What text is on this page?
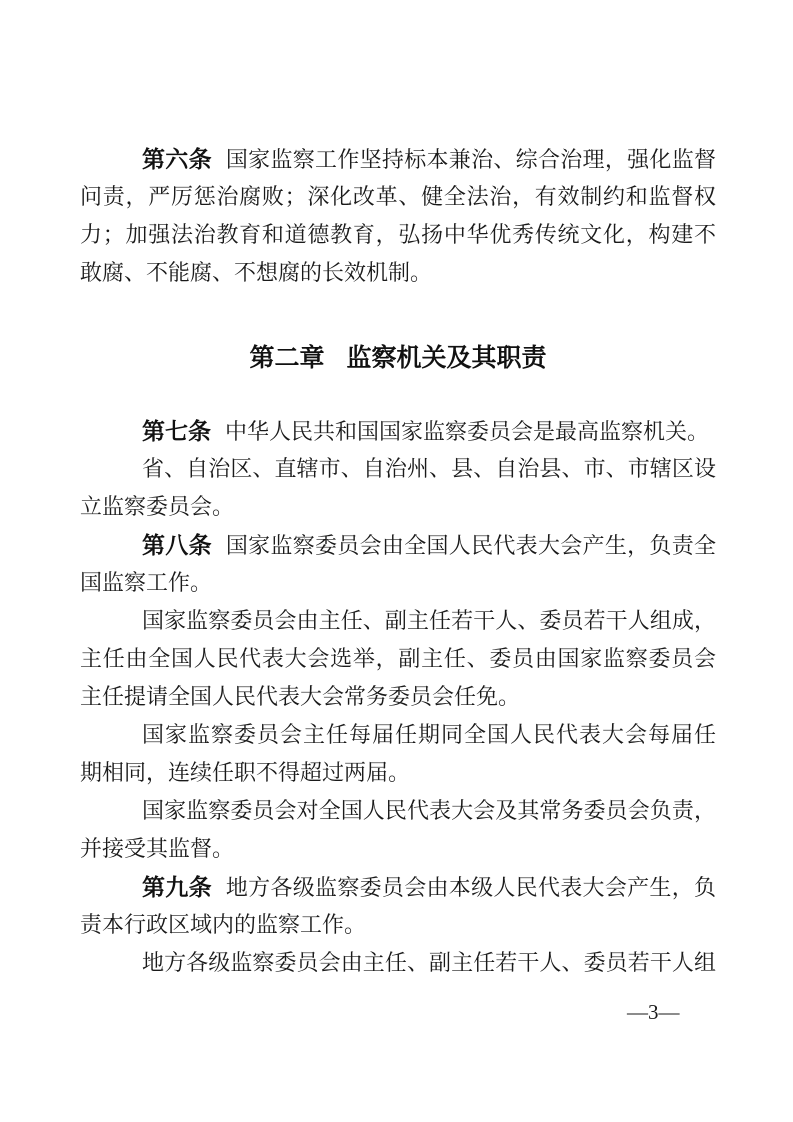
第六条 国家监察工作坚持标本兼治、综合治理，强化监督
问责，严厉惩治腐败；深化改革、健全法治，有效制约和监督权
力；加强法治教育和道德教育，弘扬中华优秀传统文化，构建不
敢腐、不能腐、不想腐的长效机制。
第二章 监察机关及其职责
第七条 中华人民共和国国家监察委员会是最高监察机关。
省、自治区、直辖市、自治州、县、自治县、市、市辖区设
立监察委员会。
第八条 国家监察委员会由全国人民代表大会产生，负责全
国监察工作。
国家监察委员会由主任、副主任若干人、委员若干人组成，
主任由全国人民代表大会选举，副主任、委员由国家监察委员会
主任提请全国人民代表大会常务委员会任免。
国家监察委员会主任每届任期同全国人民代表大会每届任
期相同，连续任职不得超过两届。
国家监察委员会对全国人民代表大会及其常务委员会负责，
并接受其监督。
第九条 地方各级监察委员会由本级人民代表大会产生，负
责本行政区域内的监察工作。
地方各级监察委员会由主任、副主任若干人、委员若干人组
—3—
